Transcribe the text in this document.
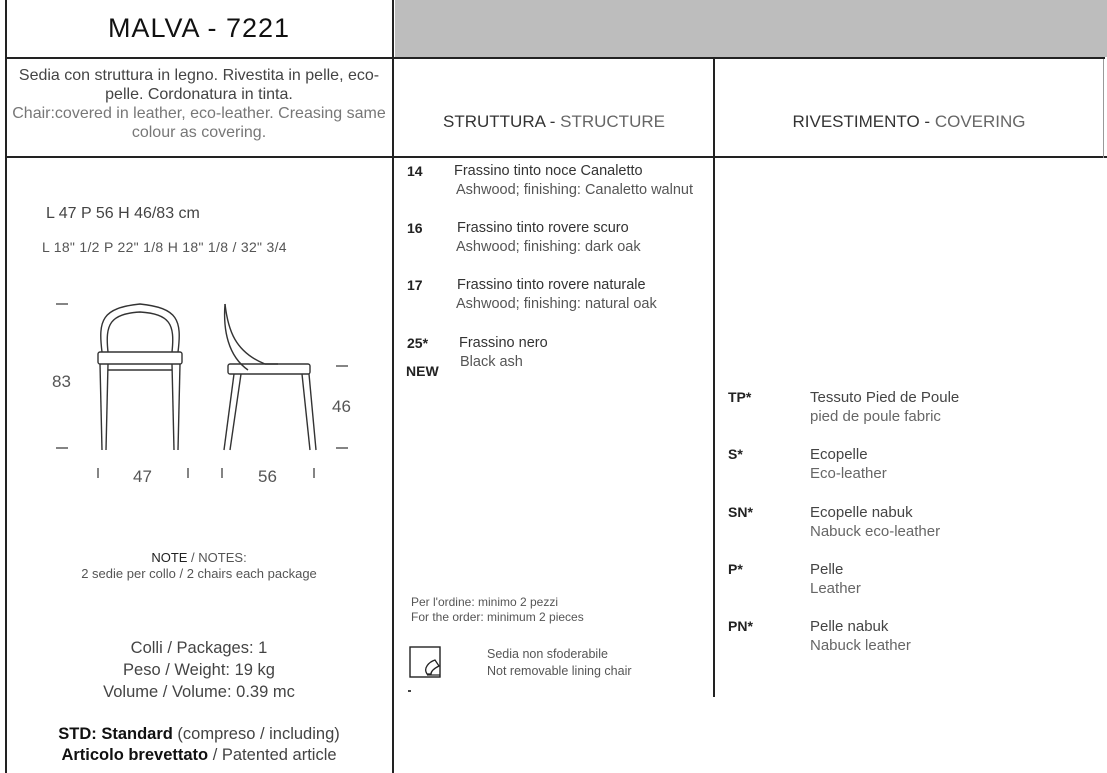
MALVA - 7221
Sedia con struttura in legno. Rivestita in pelle, eco-pelle. Cordonatura in tinta.
Chair:covered in leather, eco-leather. Creasing same colour as covering.
STRUTTURA - STRUCTURE	RIVESTIMENTO - COVERING
L 47 P 56 H 46/83 cm
L 18" 1/2 P 22" 1/8 H 18" 1/8 / 32" 3/4
83
46
47	56
NOTE / NOTES:
2 sedie per collo / 2 chairs each package
Colli / Packages: 1
Peso / Weight: 19 kg
Volume / Volume: 0.39 mc
STD: Standard (compreso / including)
Articolo brevettato / Patented article
14 Frassino tinto noce Canaletto
Ashwood; finishing: Canaletto walnut
16 Frassino tinto rovere scuro
Ashwood; finishing: dark oak
17 Frassino tinto rovere naturale
Ashwood; finishing: natural oak
25*
NEW
Frassino nero
Black ash
Per l'ordine: minimo 2 pezzi
For the order: minimum 2 pieces
Sedia non sfoderabile
Not removable lining chair
TP*	Tessuto Pied de Poule
pied de poule fabric
S*	Ecopelle
Eco-leather
SN*	Ecopelle nabuk
Nabuck eco-leather
P*	Pelle
Leather
PN*	Pelle nabuk
Nabuck leather
